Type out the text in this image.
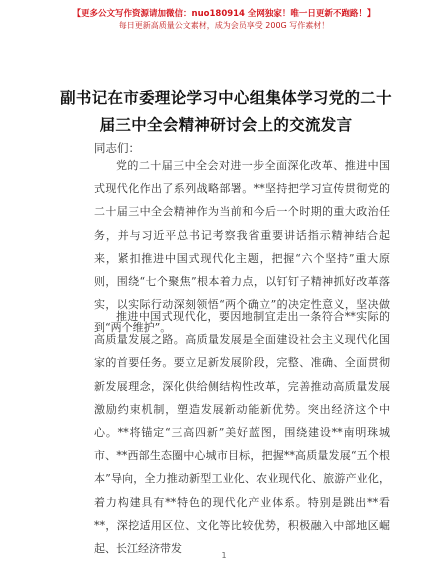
【更多公文写作资源请加微信：nuo180914 全网独家！唯一日更新不跑路！】
每日更新高质量公文素材，成为会员享受 200G 写作素材！
副书记在市委理论学习中心组集体学习党的二十届三中全会精神研讨会上的交流发言
同志们：

党的二十届三中全会对进一步全面深化改革、推进中国式现代化作出了系列战略部署。**坚持把学习宣传贯彻党的二十届三中全会精神作为当前和今后一个时期的重大政治任务，并与习近平总书记考察我省重要讲话指示精神结合起来，紧扣推进中国式现代化主题，把握“六个坚持”重大原则，围绕“七个聚焦”根本着力点，以钉钉子精神抓好改革落实，以实际行动深刻领悟“两个确立”的决定性意义，坚决做到“两个维护”。

推进中国式现代化，要因地制宜走出一条符合**实际的高质量发展之路。高质量发展是全面建设社会主义现代化国家的首要任务。要立足新发展阶段，完整、准确、全面贯彻新发展理念，深化供给侧结构性改革，完善推动高质量发展激励约束机制，塑造发展新动能新优势。突出经济这个中心。**将锚定“三高四新”美好蓝图，围绕建设**南明珠城市、**西部生态圈中心城市目标，把握**高质量发展“五个根本”导向，全力推动新型工业化、农业现代化、旅游产业化，着力构建具有**特色的现代化产业体系。特别是跳出**看**，深挖适用区位、文化等比较优势，积极融入中部地区崛起、长江经济带发

1
